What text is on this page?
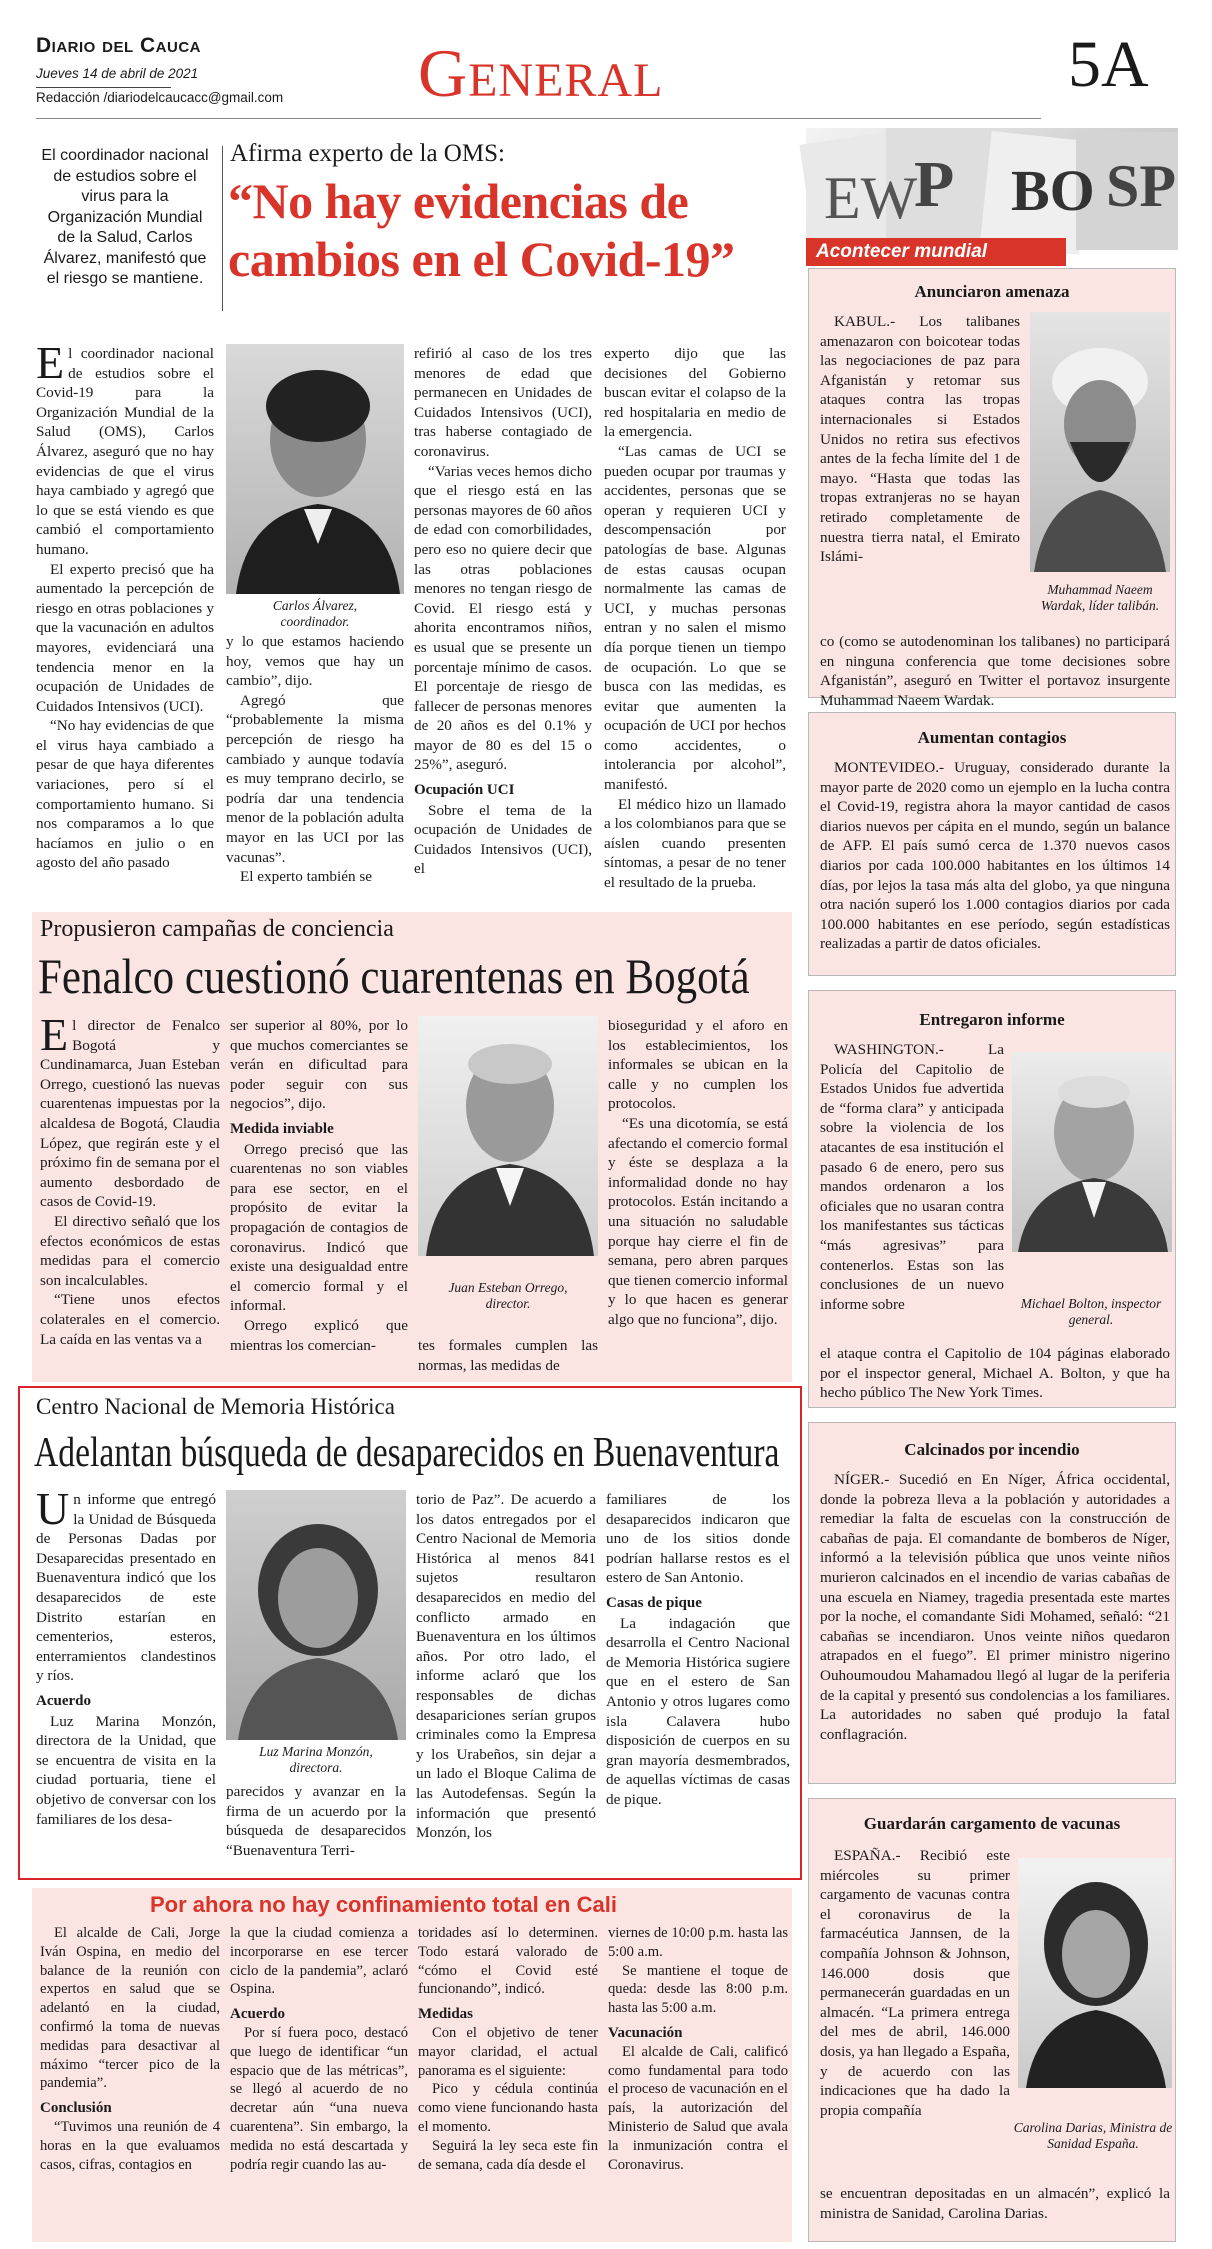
Diario del Cauca
Jueves 14 de abril de 2021
Redacción /diariodelcaucacc@gmail.com General	5A
El coordinador nacional de estudios sobre el virus para la Organización Mundial de la Salud, Carlos Álvarez, manifestó que el riesgo se mantiene.
Afirma experto de la OMS:
“No hay evidencias de cambios en el Covid-19”

El coordinador nacional de estudios sobre el Covid-19 para la Organización Mundial de la Salud (OMS), Carlos Álvarez, aseguró que no hay evidencias de que el virus haya cambiado y agregó que lo que se está viendo es que cambió el comportamiento humano.

El experto precisó que ha aumentado la percepción de riesgo en otras poblaciones y que la vacunación en adultos mayores, evidenciará una tendencia menor en la ocupación de Unidades de Cuidados Intensivos (UCI).

“No hay evidencias de que el virus haya cambiado a pesar de que haya diferentes variaciones, pero sí el comportamiento humano. Si nos comparamos a lo que hacíamos en julio o en agosto del año pasado

Carlos Álvarez, coordinador.

y lo que estamos haciendo hoy, vemos que hay un cambio”, dijo.

Agregó que “probablemente la misma percepción de riesgo ha cambiado y aunque todavía es muy temprano decirlo, se podría dar una tendencia menor de la población adulta mayor en las UCI por las vacunas”.

El experto también se

refirió al caso de los tres menores de edad que permanecen en Unidades de Cuidados Intensivos (UCI), tras haberse contagiado de coronavirus.

“Varias veces hemos dicho que el riesgo está en las personas mayores de 60 años de edad con comorbilidades, pero eso no quiere decir que las otras poblaciones menores no tengan riesgo de Covid. El riesgo está y ahorita encontramos niños, es usual que se presente un porcentaje mínimo de casos. El porcentaje de riesgo de fallecer de personas menores de 20 años es del 0.1% y mayor de 80 es del 15 o 25%”, aseguró.

Ocupación UCI

Sobre el tema de la ocupación de Unidades de Cuidados Intensivos (UCI), el

experto dijo que las decisiones del Gobierno buscan evitar el colapso de la red hospitalaria en medio de la emergencia.

“Las camas de UCI se pueden ocupar por traumas y accidentes, personas que se operan y requieren UCI y descompensación por patologías de base. Algunas de estas causas ocupan normalmente las camas de UCI, y muchas personas entran y no salen el mismo día porque tienen un tiempo de ocupación. Lo que se busca con las medidas, es evitar que aumenten la ocupación de UCI por hechos como accidentes, o intolerancia por alcohol”, manifestó.

El médico hizo un llamado a los colombianos para que se aíslen cuando presenten síntomas, a pesar de no tener el resultado de la prueba.

Propusieron campañas de conciencia
Fenalco cuestionó cuarentenas en Bogotá

El director de Fenalco Bogotá y Cundinamarca, Juan Esteban Orrego, cuestionó las nuevas cuarentenas impuestas por la alcaldesa de Bogotá, Claudia López, que regirán este y el próximo fin de semana por el aumento desbordado de casos de Covid-19.

El directivo señaló que los efectos económicos de estas medidas para el comercio son incalculables.

“Tiene unos efectos colaterales en el comercio. La caída en las ventas va a

ser superior al 80%, por lo que muchos comerciantes se verán en dificultad para poder seguir con sus negocios”, dijo.

Medida inviable

Orrego precisó que las cuarentenas no son viables para ese sector, en el propósito de evitar la propagación de contagios de coronavirus. Indicó que existe una desigualdad entre el comercio formal y el informal.

Orrego explicó que mientras los comercian-

Juan Esteban Orrego, director.

tes formales cumplen las normas, las medidas de

bioseguridad y el aforo en los establecimientos, los informales se ubican en la calle y no cumplen los protocolos.

“Es una dicotomía, se está afectando el comercio formal y éste se desplaza a la informalidad donde no hay protocolos. Están incitando a una situación no saludable porque hay cierre el fin de semana, pero abren parques que tienen comercio informal y lo que hacen es generar algo que no funciona”, dijo.

Centro Nacional de Memoria Histórica
Adelantan búsqueda de desaparecidos en Buenaventura

Un informe que entregó la Unidad de Búsqueda de Personas Dadas por Desaparecidas presentado en Buenaventura indicó que los desaparecidos de este Distrito estarían en cementerios, esteros, enterramientos clandestinos y ríos.

Acuerdo

Luz Marina Monzón, directora de la Unidad, que se encuentra de visita en la ciudad portuaria, tiene el objetivo de conversar con los familiares de los desa-

Luz Marina Monzón, directora.

parecidos y avanzar en la firma de un acuerdo por la búsqueda de desaparecidos “Buenaventura Terri-

torio de Paz”. De acuerdo a los datos entregados por el Centro Nacional de Memoria Histórica al menos 841 sujetos resultaron desaparecidos en medio del conflicto armado en Buenaventura en los últimos años. Por otro lado, el informe aclaró que los responsables de dichas desapariciones serían grupos criminales como la Empresa y los Urabeños, sin dejar a un lado el Bloque Calima de las Autodefensas. Según la información que presentó Monzón, los

familiares de los desaparecidos indicaron que uno de los sitios donde podrían hallarse restos es el estero de San Antonio.

Casas de pique

La indagación que desarrolla el Centro Nacional de Memoria Histórica sugiere que en el estero de San Antonio y otros lugares como isla Calavera hubo disposición de cuerpos en su gran mayoría desmembrados, de aquellas víctimas de casas de pique.

Por ahora no hay confinamiento total en Cali

El alcalde de Cali, Jorge Iván Ospina, en medio del balance de la reunión con expertos en salud que se adelantó en la ciudad, confirmó la toma de nuevas medidas para desactivar al máximo “tercer pico de la pandemia”.

Conclusión

“Tuvimos una reunión de 4 horas en la que evaluamos casos, cifras, contagios en

la que la ciudad comienza a incorporarse en ese tercer ciclo de la pandemia”, aclaró Ospina.

Acuerdo

Por sí fuera poco, destacó que luego de identificar “un espacio que de las métricas”, se llegó al acuerdo de no decretar aún “una nueva cuarentena”. Sin embargo, la medida no está descartada y podría regir cuando las au-

toridades así lo determinen. Todo estará valorado de “cómo el Covid esté funcionando”, indicó.

Medidas

Con el objetivo de tener mayor claridad, el actual panorama es el siguiente:

Pico y cédula continúa como viene funcionando hasta el momento.

Seguirá la ley seca este fin de semana, cada día desde el

viernes de 10:00 p.m. hasta las 5:00 a.m.

Se mantiene el toque de queda: desde las 8:00 p.m. hasta las 5:00 a.m.

Vacunación

El alcalde de Cali, calificó como fundamental para todo el proceso de vacunación en el país, la autorización del Ministerio de Salud que avala la inmunización contra el Coronavirus.

EW
P BO SP
Acontecer mundial
Anunciaron amenaza
KABUL.- Los talibanes amenazaron con boicotear todas las negociaciones de paz para Afganistán y retomar sus ataques contra las tropas internacionales si Estados Unidos no retira sus efectivos antes de la fecha límite del 1 de mayo. “Hasta que todas las tropas extranjeras no se hayan retirado completamente de nuestra tierra natal, el Emirato Islámi-
Muhammad Naeem Wardak, líder talibán.
co (como se autodenominan los talibanes) no participará en ninguna conferencia que tome decisiones sobre Afganistán”, aseguró en Twitter el portavoz insurgente Muhammad Naeem Wardak.
Aumentan contagios
MONTEVIDEO.- Uruguay, considerado durante la mayor parte de 2020 como un ejemplo en la lucha contra el Covid-19, registra ahora la mayor cantidad de casos diarios nuevos per cápita en el mundo, según un balance de AFP. El país sumó cerca de 1.370 nuevos casos diarios por cada 100.000 habitantes en los últimos 14 días, por lejos la tasa más alta del globo, ya que ninguna otra nación superó los 1.000 contagios diarios por cada 100.000 habitantes en ese período, según estadísticas realizadas a partir de datos oficiales.
Entregaron informe
WASHINGTON.- La Policía del Capitolio de Estados Unidos fue advertida de “forma clara” y anticipada sobre la violencia de los atacantes de esa institución el pasado 6 de enero, pero sus mandos ordenaron a los oficiales que no usaran contra los manifestantes sus tácticas “más agresivas” para contenerlos. Estas son las conclusiones de un nuevo informe sobre	Michael Bolton, inspector general.
el ataque contra el Capitolio de 104 páginas elaborado por el inspector general, Michael A. Bolton, y que ha hecho público The New York Times.
Calcinados por incendio
NÍGER.- Sucedió en En Níger, África occidental, donde la pobreza lleva a la población y autoridades a remediar la falta de escuelas con la construcción de cabañas de paja. El comandante de bomberos de Níger, informó a la televisión pública que unos veinte niños murieron calcinados en el incendio de varias cabañas de una escuela en Niamey, tragedia presentada este martes por la noche, el comandante Sidi Mohamed, señaló: “21 cabañas se incendiaron. Unos veinte niños quedaron atrapados en el fuego”. El primer ministro nigerino Ouhoumoudou Mahamadou llegó al lugar de la periferia de la capital y presentó sus condolencias a los familiares. La autoridades no saben qué produjo la fatal conflagración.
Guardarán cargamento de vacunas
ESPAÑA.- Recibió este miércoles su primer cargamento de vacunas contra el coronavirus de la farmacéutica Jannsen, de la compañía Johnson & Johnson, 146.000 dosis que permanecerán guardadas en un almacén. “La primera entrega del mes de abril, 146.000 dosis, ya han llegado a España, y de acuerdo con las indicaciones que ha dado la propia compañía
Carolina Darias, Ministra de Sanidad España.
se encuentran depositadas en un almacén”, explicó la ministra de Sanidad, Carolina Darias.
